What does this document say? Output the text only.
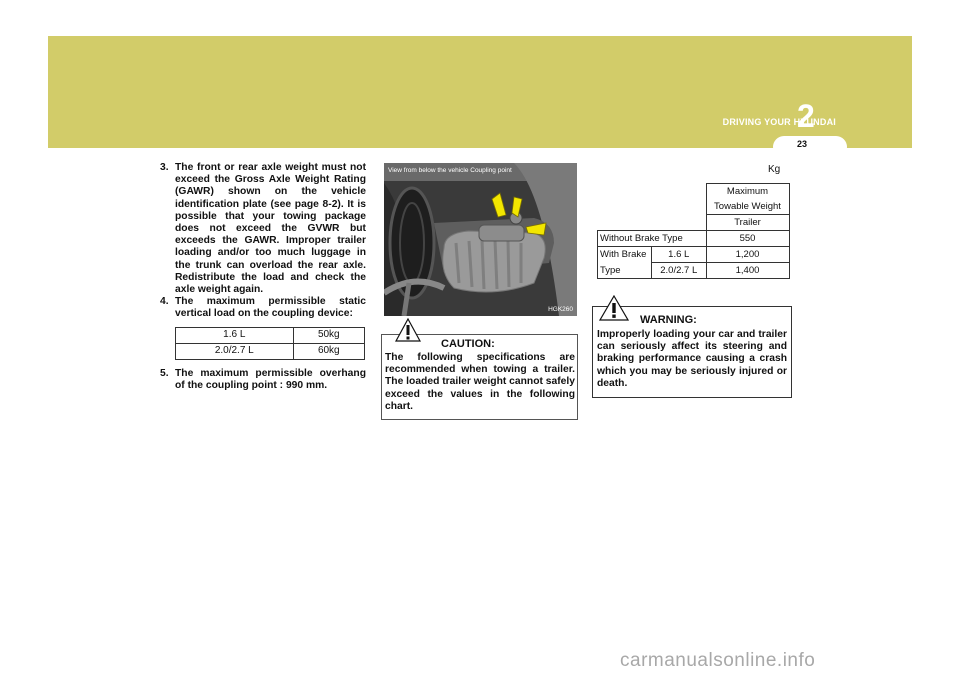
DRIVING YOUR HYUNDAI
2
23
3. The front or rear axle weight must not exceed the Gross Axle Weight Rating (GAWR) shown on the vehicle identification plate (see page 8-2). It is possible that your towing package does not exceed the GVWR but exceeds the GAWR. Improper trailer loading and/or too much luggage in the trunk can overload the rear axle. Redistribute the load and check the axle weight again.
4. The maximum permissible static vertical load on the coupling device:
1.6 L	50kg
2.0/2.7 L	60kg
5. The maximum permissible overhang of the coupling point : 990 mm.
View from below the vehicle Coupling point
HGK260
CAUTION:
The following specifications are recommended when towing a trailer. The loaded trailer weight cannot safely exceed the values in the following chart.
Kg
		Maximum
		Towable Weight
		Trailer
Without Brake Type		550
With Brake	1.6 L	1,200
Type	2.0/2.7 L	1,400
WARNING:
Improperly loading your car and trailer can seriously affect its steering and braking performance causing a crash which you may be seriously injured or death.
carmanualsonline.info
